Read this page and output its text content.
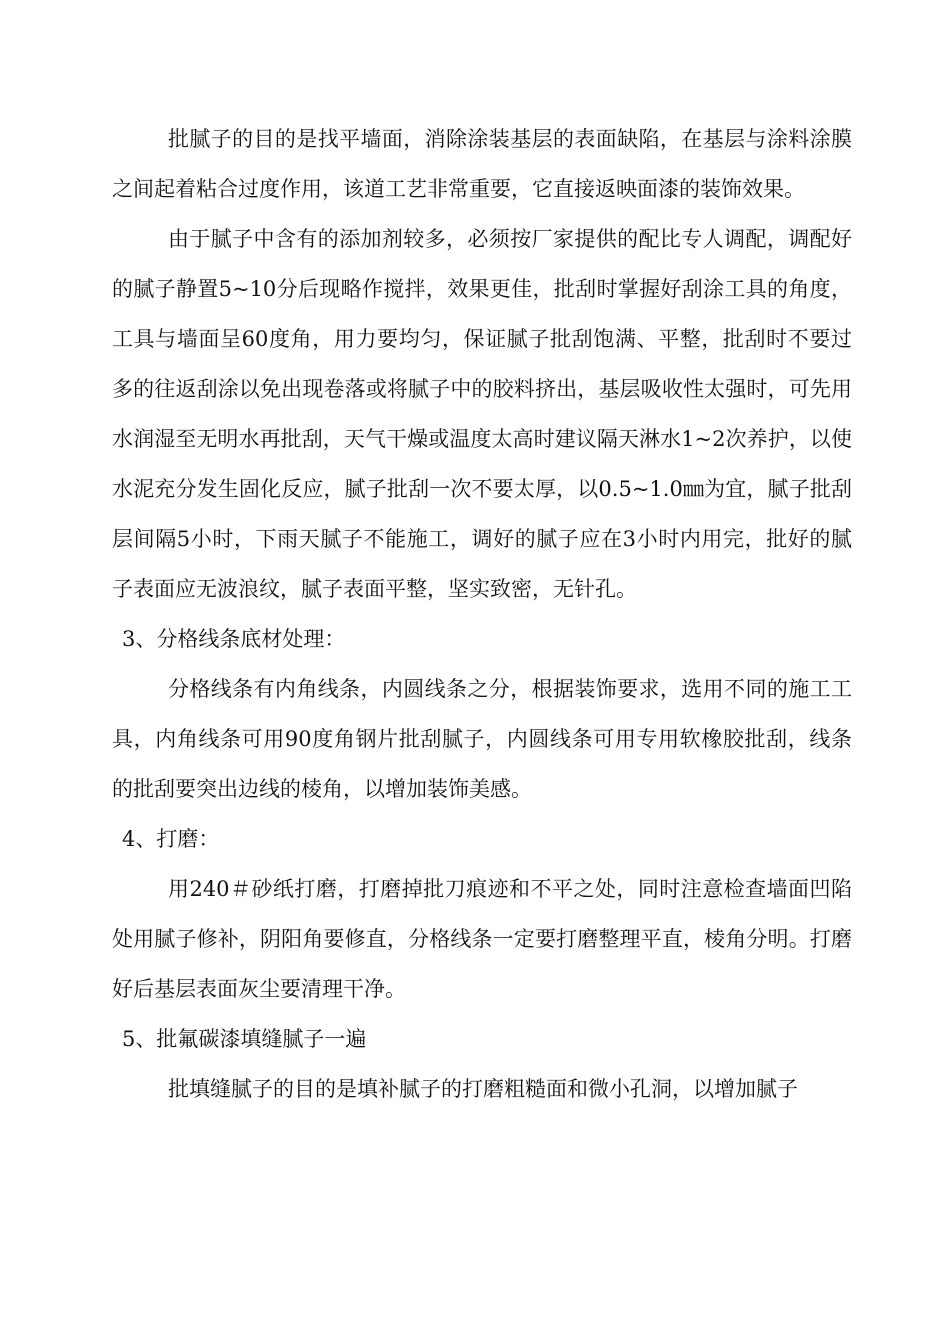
批腻子的目的是找平墙面，消除涂装基层的表面缺陷，在基层与涂料涂膜之间起着粘合过度作用，该道工艺非常重要，它直接返映面漆的装饰效果。

由于腻子中含有的添加剂较多，必须按厂家提供的配比专人调配，调配好的腻子静置5~10分后现略作搅拌，效果更佳，批刮时掌握好刮涂工具的角度，工具与墙面呈60度角，用力要均匀，保证腻子批刮饱满、平整，批刮时不要过多的往返刮涂以免出现卷落或将腻子中的胶料挤出，基层吸收性太强时，可先用水润湿至无明水再批刮，天气干燥或温度太高时建议隔天淋水1~2次养护，以使水泥充分发生固化反应，腻子批刮一次不要太厚，以0.5~1.0㎜为宜，腻子批刮层间隔5小时，下雨天腻子不能施工，调好的腻子应在3小时内用完，批好的腻子表面应无波浪纹，腻子表面平整，坚实致密，无针孔。

3、分格线条底材处理：

分格线条有内角线条，内圆线条之分，根据装饰要求，选用不同的施工工具，内角线条可用90度角钢片批刮腻子，内圆线条可用专用软橡胶批刮，线条的批刮要突出边线的棱角，以增加装饰美感。

4、打磨：

用240＃砂纸打磨，打磨掉批刀痕迹和不平之处，同时注意检查墙面凹陷处用腻子修补，阴阳角要修直，分格线条一定要打磨整理平直，棱角分明。打磨好后基层表面灰尘要清理干净。

5、批氟碳漆填缝腻子一遍

批填缝腻子的目的是填补腻子的打磨粗糙面和微小孔洞，以增加腻子
